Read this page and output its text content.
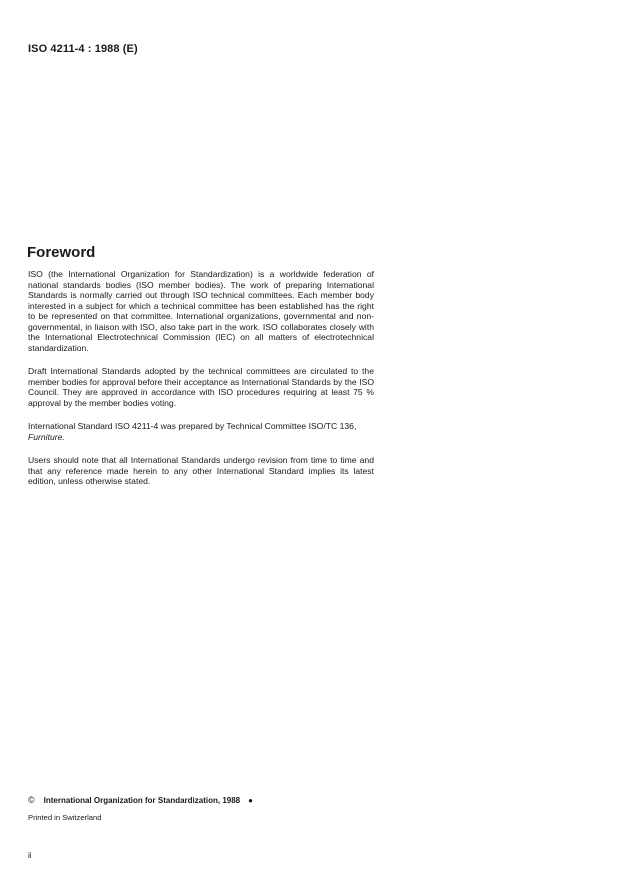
ISO 4211-4 : 1988 (E)
Foreword

ISO (the International Organization for Standardization) is a worldwide federation of national standards bodies (ISO member bodies). The work of preparing International Standards is normally carried out through ISO technical committees. Each member body interested in a subject for which a technical committee has been established has the right to be represented on that committee. International organizations, governmental and non-governmental, in liaison with ISO, also take part in the work. ISO collaborates closely with the International Electrotechnical Commission (IEC) on all matters of electrotechnical standardization.

Draft International Standards adopted by the technical committees are circulated to the member bodies for approval before their acceptance as International Standards by the ISO Council. They are approved in accordance with ISO procedures requiring at least 75 % approval by the member bodies voting.

International Standard ISO 4211-4 was prepared by Technical Committee ISO/TC 136,
Furniture.

Users should note that all International Standards undergo revision from time to time and that any reference made herein to any other International Standard implies its latest edition, unless otherwise stated.

© International Organization for Standardization, 1988 ●
Printed in Switzerland
ii
